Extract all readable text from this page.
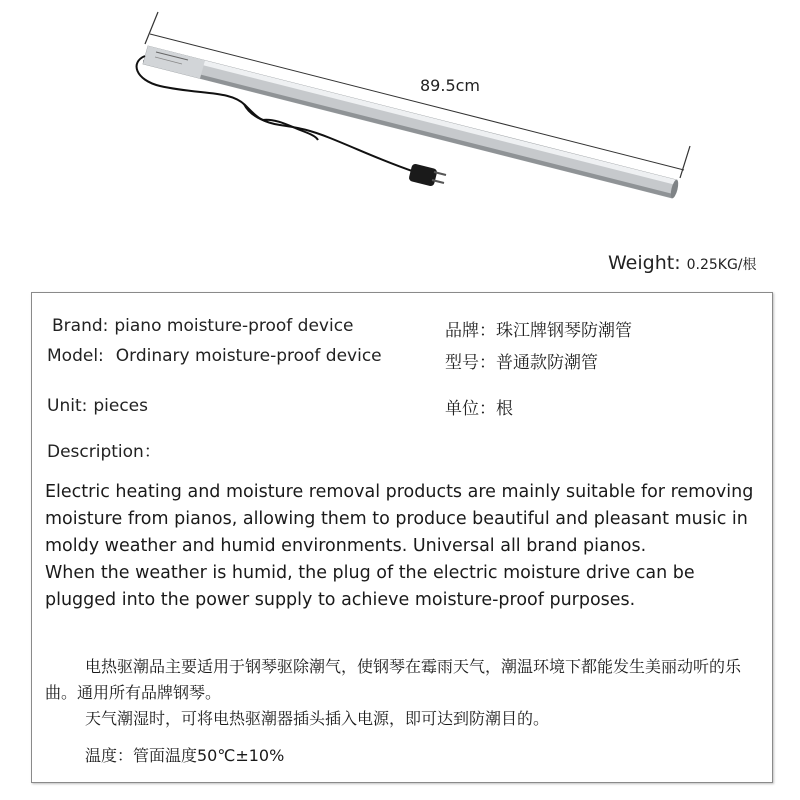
89.5cm
Weight: 0.25KG/根
Brand: piano moisture-proof device	品牌：珠江牌钢琴防潮管
Model: Ordinary moisture-proof device	型号：普通款防潮管
Unit: pieces	单位：根
Description：

Electric heating and moisture removal products are mainly suitable for removing moisture from pianos, allowing them to produce beautiful and pleasant music in moldy weather and humid environments. Universal all brand pianos.

When the weather is humid, the plug of the electric moisture drive can be plugged into the power supply to achieve moisture-proof purposes.

电热驱潮品主要适用于钢琴驱除潮气，使钢琴在霉雨天气，潮温环境下都能发生美丽动听的乐曲。通用所有品牌钢琴。
天气潮湿时，可将电热驱潮器插头插入电源，即可达到防潮目的。
温度：管面温度50℃±10%
